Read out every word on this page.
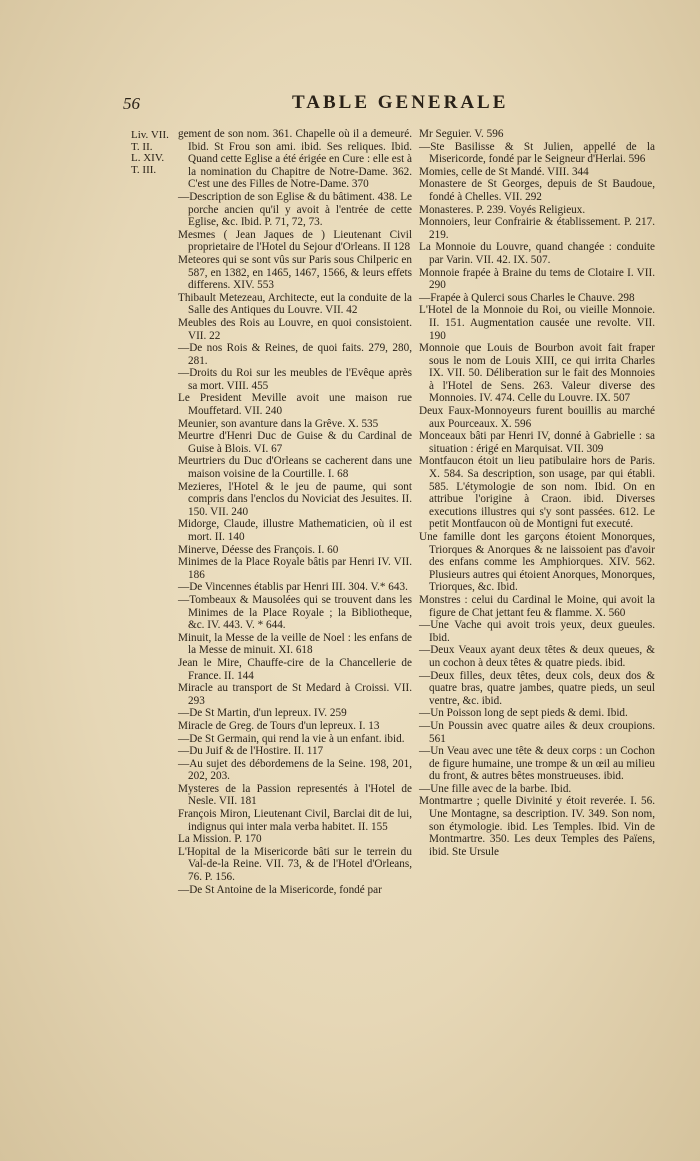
56	TABLE GENERALE
Liv. VII.
T. II.
L. XIV.
T. III.
gement de son nom. 361. Chapelle où il a demeuré. Ibid. St Frou son ami. ibid. Ses reliques. Ibid. Quand cette Eglise a été érigée en Cure : elle est à la nomination du Chapitre de Notre-Dame. 362. C'est une des Filles de Notre-Dame. 370
—Description de son Eglise & du bâtiment. 438. Le porche ancien qu'il y avoit à l'entrée de cette Eglise, &c. Ibid. P. 71, 72, 73.
Mesmes ( Jean Jaques de ) Lieutenant Civil proprietaire de l'Hotel du Sejour d'Orleans. II 128
Meteores qui se sont vûs sur Paris sous Chilperic en 587, en 1382, en 1465, 1467, 1566, & leurs effets differens. XIV. 553
Thibault Metezeau, Architecte, eut la conduite de la Salle des Antiques du Louvre. VII. 42
Meubles des Rois au Louvre, en quoi consistoient. VII. 22
—De nos Rois & Reines, de quoi faits. 279, 280, 281.
—Droits du Roi sur les meubles de l'Evêque après sa mort. VIII. 455
Le President Meville avoit une maison rue Mouffetard. VII. 240
Meunier, son avanture dans la Grêve. X. 535
Meurtre d'Henri Duc de Guise & du Cardinal de Guise à Blois. VI. 67
Meurtriers du Duc d'Orleans se cacherent dans une maison voisine de la Courtille. I. 68
Mezieres, l'Hotel & le jeu de paume, qui sont compris dans l'enclos du Noviciat des Jesuites. II. 150. VII. 240
Midorge, Claude, illustre Mathematicien, où il est mort. II. 140
Minerve, Déesse des François. I. 60
Minimes de la Place Royale bâtis par Henri IV. VII. 186
—De Vincennes établis par Henri III. 304. V.* 643.
—Tombeaux & Mausolées qui se trouvent dans les Minimes de la Place Royale ; la Bibliotheque, &c. IV. 443. V. * 644.
Minuit, la Messe de la veille de Noel : les enfans de la Messe de minuit. XI. 618
Jean le Mire, Chauffe-cire de la Chancellerie de France. II. 144
Miracle au transport de St Medard à Croissi. VII. 293
—De St Martin, d'un lepreux. IV. 259
Miracle de Greg. de Tours d'un lepreux. I. 13
—De St Germain, qui rend la vie à un enfant. ibid.
—Du Juif & de l'Hostire. II. 117
—Au sujet des débordemens de la Seine. 198, 201, 202, 203.
Mysteres de la Passion representés à l'Hotel de Nesle. VII. 181
François Miron, Lieutenant Civil, Barclai dit de lui, indignus qui inter mala verba habitet. II. 155
La Mission. P. 170
L'Hopital de la Misericorde bâti sur le terrein du Val-de-la Reine. VII. 73, & de l'Hotel d'Orleans, 76. P. 156.
—De St Antoine de la Misericorde, fondé par
Mr Seguier. V. 596
—Ste Basilisse & St Julien, appellé de la Misericorde, fondé par le Seigneur d'Herlai. 596
Momies, celle de St Mandé. VIII. 344
Monastere de St Georges, depuis de St Baudoue, fondé à Chelles. VII. 292
Monasteres. P. 239. Voyés Religieux.
Monnoiers, leur Confrairie & établissement. P. 217. 219.
La Monnoie du Louvre, quand changée : conduite par Varin. VII. 42. IX. 507.
Monnoie frapée à Braine du tems de Clotaire I. VII. 290
—Frapée à Qulerci sous Charles le Chauve. 298
L'Hotel de la Monnoie du Roi, ou vieille Monnoie. II. 151. Augmentation causée une revolte. VII. 190
Monnoie que Louis de Bourbon avoit fait fraper sous le nom de Louis XIII, ce qui irrita Charles IX. VII. 50. Déliberation sur le fait des Monnoies à l'Hotel de Sens. 263. Valeur diverse des Monnoies. IV. 474. Celle du Louvre. IX. 507
Deux Faux-Monnoyeurs furent bouillis au marché aux Pourceaux. X. 596
Monceaux bâti par Henri IV, donné à Gabrielle : sa situation : érigé en Marquisat. VII. 309
Montfaucon étoit un lieu patibulaire hors de Paris. X. 584. Sa description, son usage, par qui établi. 585. L'étymologie de son nom. Ibid. On en attribue l'origine à Craon. ibid. Diverses executions illustres qui s'y sont passées. 612. Le petit Montfaucon où de Montigni fut executé.
Une famille dont les garçons étoient Monorques, Triorques & Anorques & ne laissoient pas d'avoir des enfans comme les Amphiorques. XIV. 562. Plusieurs autres qui étoient Anorques, Monorques, Triorques, &c. Ibid.
Monstres : celui du Cardinal le Moine, qui avoit la figure de Chat jettant feu & flamme. X. 560
—Une Vache qui avoit trois yeux, deux gueules. Ibid.
—Deux Veaux ayant deux têtes & deux queues, & un cochon à deux têtes & quatre pieds. ibid.
—Deux filles, deux têtes, deux cols, deux dos & quatre bras, quatre jambes, quatre pieds, un seul ventre, &c. ibid.
—Un Poisson long de sept pieds & demi. Ibid.
—Un Poussin avec quatre ailes & deux croupions. 561
—Un Veau avec une tête & deux corps : un Cochon de figure humaine, une trompe & un œil au milieu du front, & autres bêtes monstrueuses. ibid.
—Une fille avec de la barbe. Ibid.
Montmartre ; quelle Divinité y étoit reverée. I. 56. Une Montagne, sa description. IV. 349. Son nom, son étymologie. ibid. Les Temples. Ibid. Vin de Montmartre. 350. Les deux Temples des Païens, ibid. Ste Ursule
